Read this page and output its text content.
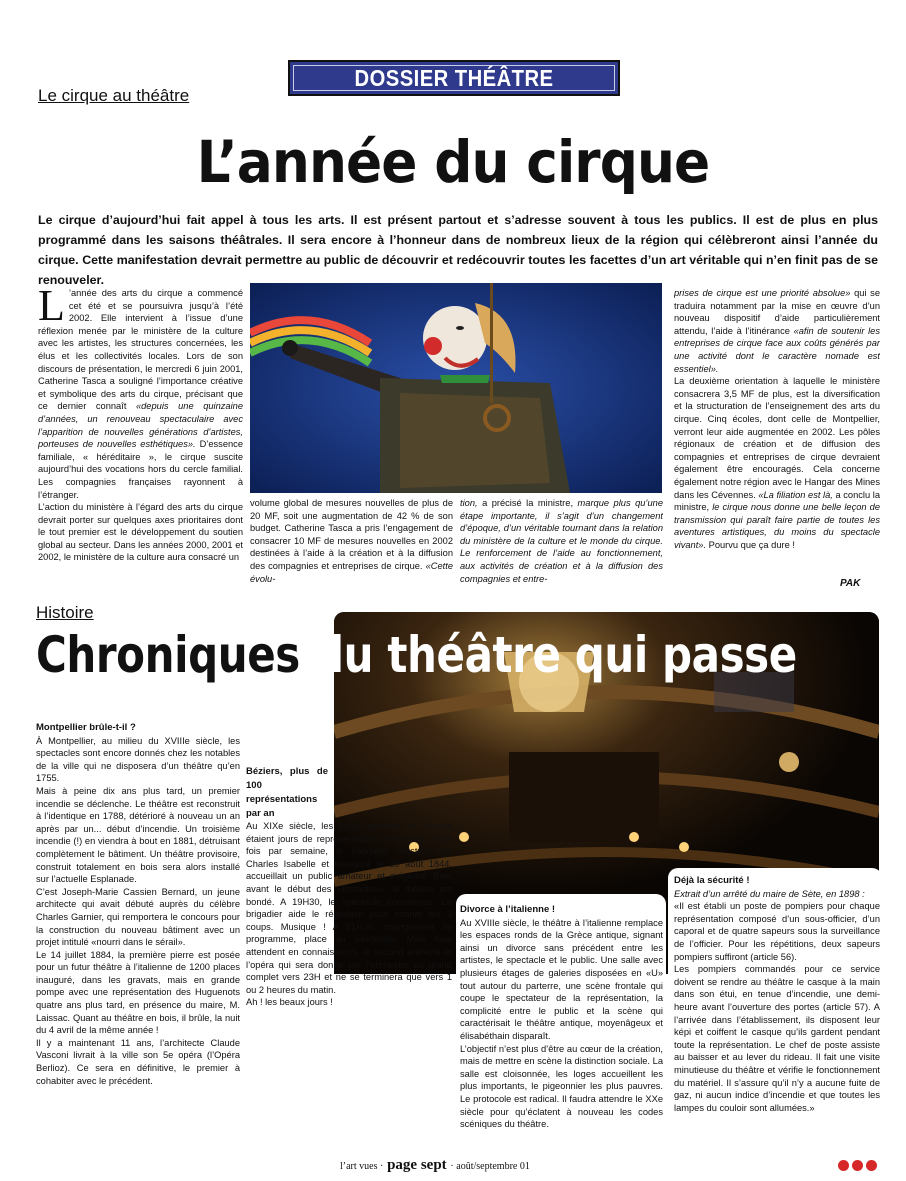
DOSSIER THÉÂTRE
Le cirque au théâtre
L’année du cirque
Le cirque d’aujourd’hui fait appel à tous les arts. Il est présent partout et s’adresse souvent à tous les publics. Il est de plus en plus programmé dans les saisons théâtrales. Il sera encore à l’honneur dans de nombreux lieux de la région qui célèbreront ainsi l’année du cirque. Cette manifestation devrait permettre au public de découvrir et redécouvrir toutes les facettes d’un art véritable qui n’en finit pas de se renouveler.

L ’année des arts du cirque a commencé cet été et se poursuivra jusqu’à l’été 2002. Elle intervient à l’issue d’une réflexion menée par le ministère de la culture avec les artistes, les structures concernées, les élus et les collectivités locales. Lors de son discours de présentation, le mercredi 6 juin 2001, Catherine Tasca a souligné l’importance créative et symbolique des arts du cirque, précisant que ce dernier connaît «depuis une quinzaine d’années, un renouveau spectaculaire avec l’apparition de nouvelles générations d’artistes, porteuses de nouvelles esthétiques». D’essence familiale, « héréditaire », le cirque suscite aujourd’hui des vocations hors du cercle familial. Les compagnies françaises rayonnent à l’étranger.

L’action du ministère à l’égard des arts du cirque devrait porter sur quelques axes prioritaires dont le tout premier est le développement du soutien global au secteur. Dans les années 2000, 2001 et 2002, le ministère de la culture aura consacré un

volume global de mesures nouvelles de plus de 20 MF, soit une augmentation de 42 % de son budget. Catherine Tasca a pris l’engagement de consacrer 10 MF de mesures nouvelles en 2002 destinées à l’aide à la création et à la diffusion des compagnies et entreprises de cirque. «Cette évolu-

tion, a précisé la ministre, marque plus qu’une étape importante, il s’agit d’un changement d’époque, d’un véritable tournant dans la relation du ministère de la culture et le monde du cirque. Le renforcement de l’aide au fonctionnement, aux activités de création et à la diffusion des compagnies et entre-

prises de cirque est une priorité absolue» qui se traduira notamment par la mise en œuvre d’un nouveau dispositif d’aide particulièrement attendu, l’aide à l’itinérance «afin de soutenir les entreprises de cirque face aux coûts générés par une activité dont le caractère nomade est essentiel».

La deuxième orientation à laquelle le ministère consacrera 3,5 MF de plus, est la diversification et la structuration de l’enseignement des arts du cirque. Cinq écoles, dont celle de Montpellier, verront leur aide augmentée en 2002. Les pôles régionaux de création et de diffusion des compagnies et entreprises de cirque devraient également être encouragés. Cela concerne également notre région avec le Hangar des Mines dans les Cévennes. «La filiation est là, a conclu la ministre, le cirque nous donne une belle leçon de transmission qui paraît faire partie de toutes les aventures artistiques, du moins du spectacle vivant». Pourvu que ça dure !

PAK
Histoire
Chroniques du théâtre qui passe

Montpellier brûle-t-il ?

À Montpellier, au milieu du XVIIIe siècle, les spectacles sont encore donnés chez les notables de la ville qui ne disposera d’un théâtre qu’en 1755.

Mais à peine dix ans plus tard, un premier incendie se déclenche. Le théâtre est reconstruit à l’identique en 1788, détérioré à nouveau un an après par un... début d’incendie. Un troisième incendie (!) en viendra à bout en 1881, détruisant complètement le bâtiment. Un théâtre provisoire, construit totalement en bois sera alors installé sur l’actuelle Esplanade.

C’est Joseph-Marie Cassien Bernard, un jeune architecte qui avait débuté auprès du célèbre Charles Garnier, qui remportera le concours pour la construction du nouveau bâtiment avec un projet intitulé «nourri dans le sérail».

Le 14 juillet 1884, la première pierre est posée pour un futur théâtre à l’italienne de 1200 places inauguré, dans les gravats, mais en grande pompe avec une représentation des Huguenots quatre ans plus tard, en présence du maire, M. Laissac. Quant au théâtre en bois, il brûle, la nuit du 4 avril de la même année !

Il y a maintenant 11 ans, l’architecte Claude Vasconi livrait à la ville son 5e opéra (l’Opéra Berlioz). Ce sera en définitive, le premier à cohabiter avec le précédent.

Béziers, plus de 100 représentations par an

Au XIXe siècle, les jeudi, vendredi et samedi étaient jours de représentations à Béziers. Trois fois par semaine, le bâtiment construit par Charles Isabelle et inauguré le 29 août 1844, accueillait un public amateur et exigeant. Bien avant le début des «festivités», le théâtre est bondé. A 19H30, le spectacle commence. Le brigadier aide le régisseur pour sonner les 3 coups. Musique ! A 21H30, changement de programme, place au vaudeville. Mais tous attendent en connaisseurs, le second entracte et l’opéra qui sera donné par l’orchestre au grand complet vers 23H et ne se terminera que vers 1 ou 2 heures du matin.

Ah ! les beaux jours !

Divorce à l’italienne !

Au XVIIIe siècle, le théâtre à l’italienne remplace les espaces ronds de la Grèce antique, signant ainsi un divorce sans précédent entre les artistes, le spectacle et le public. Une salle avec plusieurs étages de galeries disposées en «U» tout autour du parterre, une scène frontale qui coupe le spectateur de la représentation, la complicité entre le public et la scène qui caractérisait le théâtre antique, moyenâgeux et élisabéthain disparaît.

L’objectif n’est plus d’être au cœur de la création, mais de mettre en scène la distinction sociale. La salle est cloisonnée, les loges accueillent les plus importants, le pigeonnier les plus pauvres. Le protocole est radical. Il faudra attendre le XXe siècle pour qu’éclatent à nouveau les codes scéniques du théâtre.

Déjà la sécurité !

Extrait d’un arrêté du maire de Sète, en 1898 :

«Il est établi un poste de pompiers pour chaque représentation composé d’un sous-officier, d’un caporal et de quatre sapeurs sous la surveillance de l’officier. Pour les répétitions, deux sapeurs pompiers suffiront (article 56).

Les pompiers commandés pour ce service doivent se rendre au théâtre le casque à la main dans son étui, en tenue d’incendie, une demi-heure avant l’ouverture des portes (article 57). A l’arrivée dans l’établissement, ils disposent leur képi et coiffent le casque qu’ils gardent pendant toute la représentation. Le chef de poste assiste au baisser et au lever du rideau. Il fait une visite minutieuse du théâtre et vérifie le fonctionnement du matériel. Il s’assure qu’il n’y a aucune fuite de gaz, ni aucun indice d’incendie et que toutes les lampes du couloir sont allumées.»

l’art vues · page sept · août/septembre 01
